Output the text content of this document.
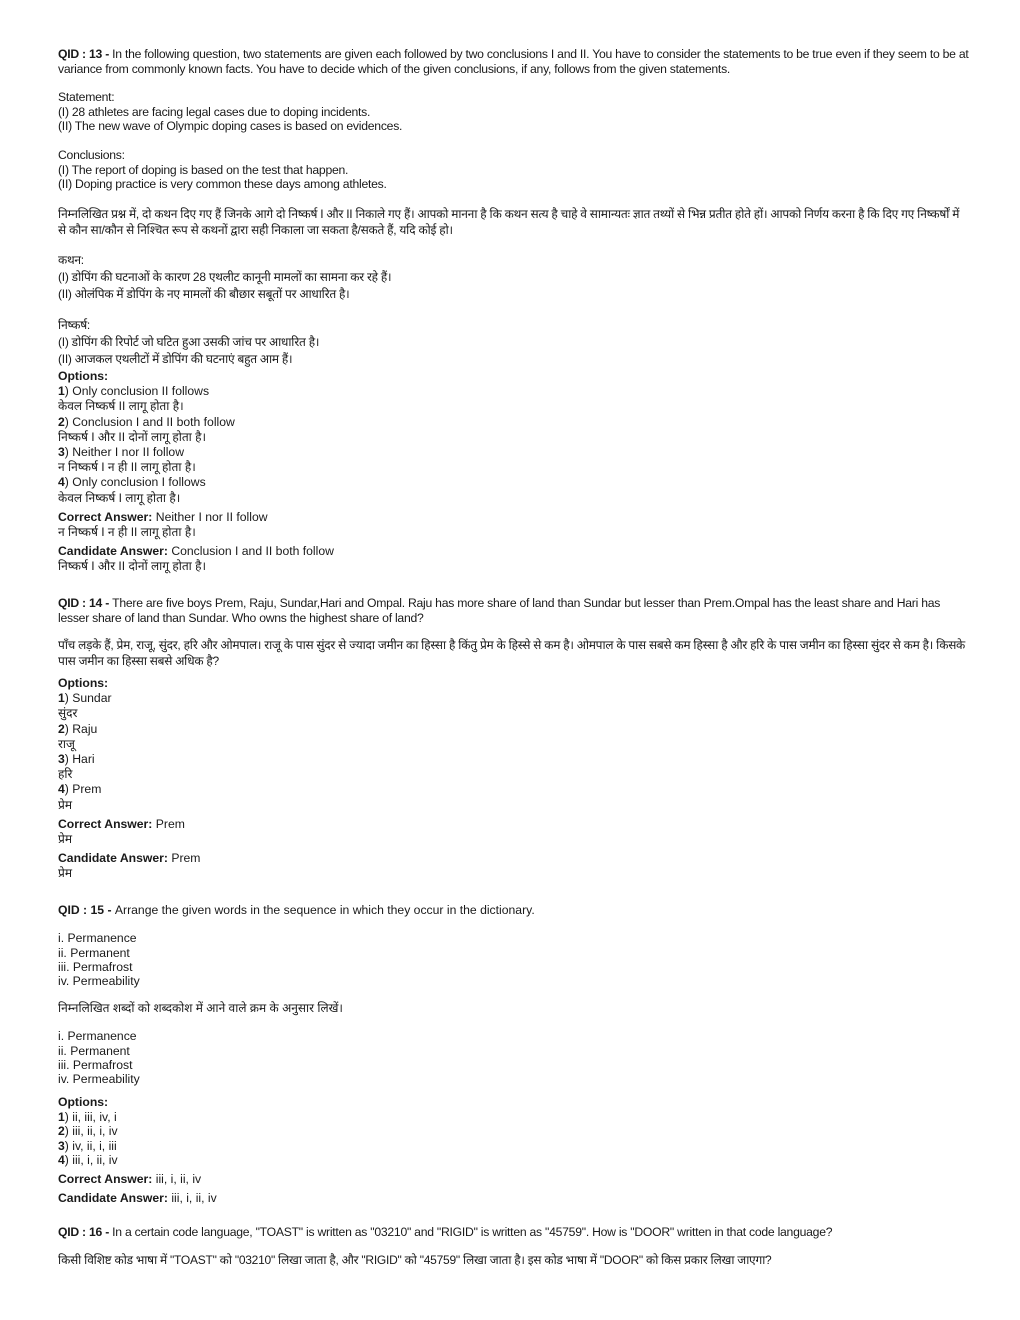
QID : 13 - In the following question, two statements are given each followed by two conclusions I and II. You have to consider the statements to be true even if they seem to be at variance from commonly known facts. You have to decide which of the given conclusions, if any, follows from the given statements.
Statement:
(I) 28 athletes are facing legal cases due to doping incidents.
(II) The new wave of Olympic doping cases is based on evidences.
Conclusions:
(I) The report of doping is based on the test that happen.
(II) Doping practice is very common these days among athletes.
निम्नलिखित प्रश्न में, दो कथन दिए गए हैं जिनके आगे दो निष्कर्ष I और II निकाले गए हैं। आपको मानना है कि कथन सत्य है चाहे वे सामान्यतः ज्ञात तथ्यों से भिन्न प्रतीत होते हों। आपको निर्णय करना है कि दिए गए निष्कर्षों में से कौन सा/कौन से निश्चित रूप से कथनों द्वारा सही निकाला जा सकता है/सकते हैं, यदि कोई हो।
कथन:
(I) डोपिंग की घटनाओं के कारण 28 एथलीट कानूनी मामलों का सामना कर रहे हैं।
(II) ओलंपिक में डोपिंग के नए मामलों की बौछार सबूतों पर आधारित है।
निष्कर्ष:
(I) डोपिंग की रिपोर्ट जो घटित हुआ उसकी जांच पर आधारित है।
(II) आजकल एथलीटों में डोपिंग की घटनाएं बहुत आम हैं।
Options:
1) Only conclusion II follows
केवल निष्कर्ष II लागू होता है।
2) Conclusion I and II both follow
निष्कर्ष I और II दोनों लागू होता है।
3) Neither I nor II follow
न निष्कर्ष I न ही II लागू होता है।
4) Only conclusion I follows
केवल निष्कर्ष I लागू होता है।
Correct Answer: Neither I nor II follow
न निष्कर्ष I न ही II लागू होता है।
Candidate Answer: Conclusion I and II both follow
निष्कर्ष I और II दोनों लागू होता है।
QID : 14 - There are five boys Prem, Raju, Sundar,Hari and Ompal. Raju has more share of land than Sundar but lesser than Prem.Ompal has the least share and Hari has lesser share of land than Sundar. Who owns the highest share of land?
पाँच लड़के हैं, प्रेम, राजू, सुंदर, हरि और ओमपाल। राजू के पास सुंदर से ज्यादा जमीन का हिस्सा है किंतु प्रेम के हिस्से से कम है। ओमपाल के पास सबसे कम हिस्सा है और हरि के पास जमीन का हिस्सा सुंदर से कम है। किसके पास जमीन का हिस्सा सबसे अधिक है?
Options:
1) Sundar
सुंदर
2) Raju
राजू
3) Hari
हरि
4) Prem
प्रेम
Correct Answer: Prem
प्रेम
Candidate Answer: Prem
प्रेम
QID : 15 - Arrange the given words in the sequence in which they occur in the dictionary.
i. Permanence
ii. Permanent
iii. Permafrost
iv. Permeability
निम्नलिखित शब्दों को शब्दकोश में आने वाले क्रम के अनुसार लिखें।
i. Permanence
ii. Permanent
iii. Permafrost
iv. Permeability
Options:
1) ii, iii, iv, i
2) iii, ii, i, iv
3) iv, ii, i, iii
4) iii, i, ii, iv
Correct Answer: iii, i, ii, iv
Candidate Answer: iii, i, ii, iv
QID : 16 - In a certain code language, "TOAST" is written as "03210" and "RIGID" is written as "45759". How is "DOOR" written in that code language?
किसी विशिष्ट कोड भाषा में "TOAST" को "03210" लिखा जाता है, और "RIGID" को "45759" लिखा जाता है। इस कोड भाषा में "DOOR" को किस प्रकार लिखा जाएगा?
